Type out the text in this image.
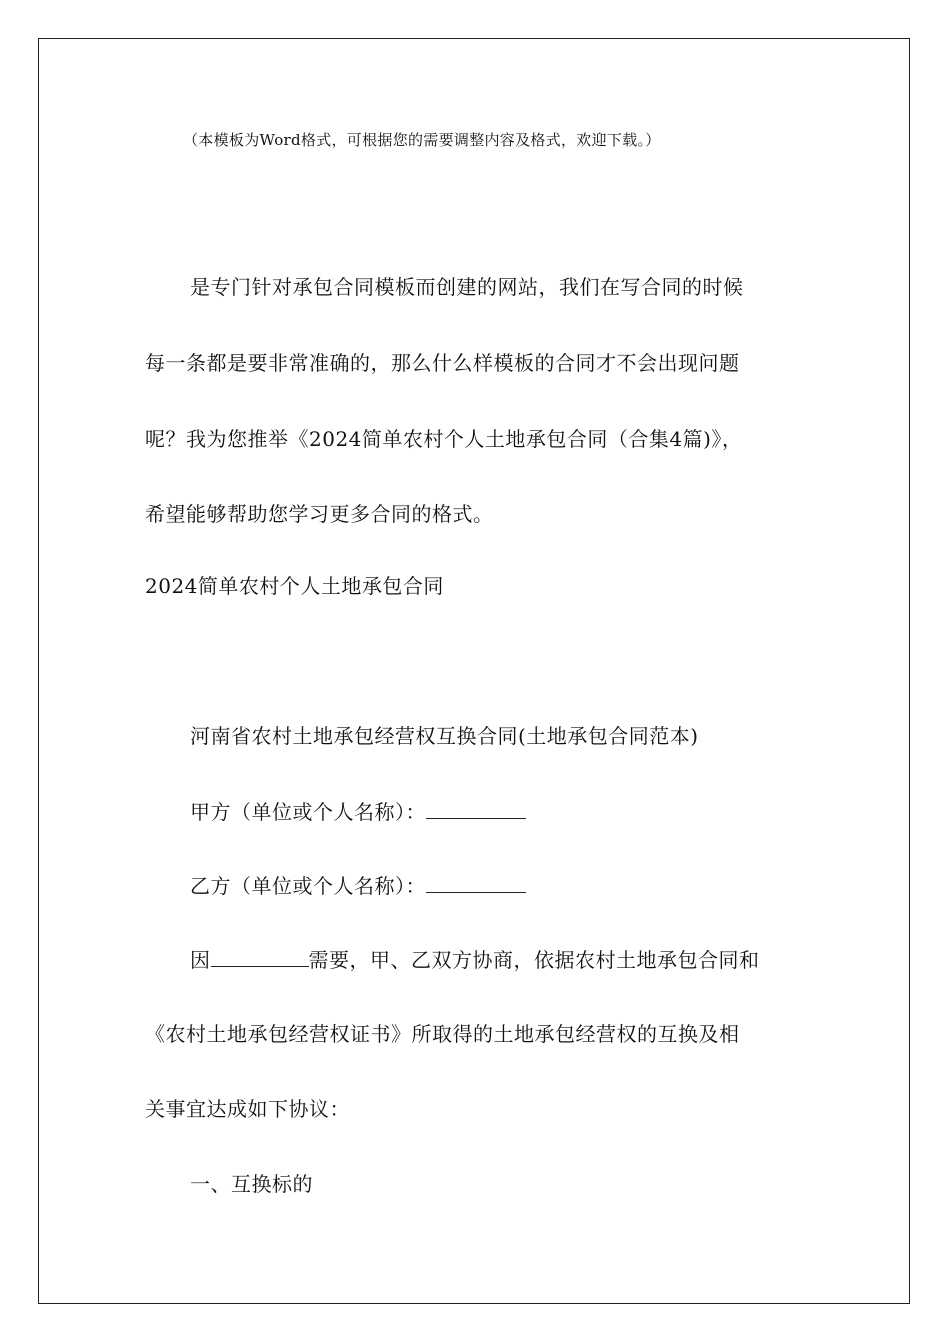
（本模板为Word格式，可根据您的需要调整内容及格式，欢迎下载。）
是专门针对承包合同模板而创建的网站，我们在写合同的时候
每一条都是要非常准确的，那么什么样模板的合同才不会出现问题
呢？我为您推举《2024简单农村个人土地承包合同（合集4篇)》，
希望能够帮助您学习更多合同的格式。
2024简单农村个人土地承包合同
河南省农村土地承包经营权互换合同(土地承包合同范本)
甲方（单位或个人名称）：
乙方（单位或个人名称）：
因	需要，甲、乙双方协商，依据农村土地承包合同和
《农村土地承包经营权证书》所取得的土地承包经营权的互换及相
关事宜达成如下协议：
一、互换标的
